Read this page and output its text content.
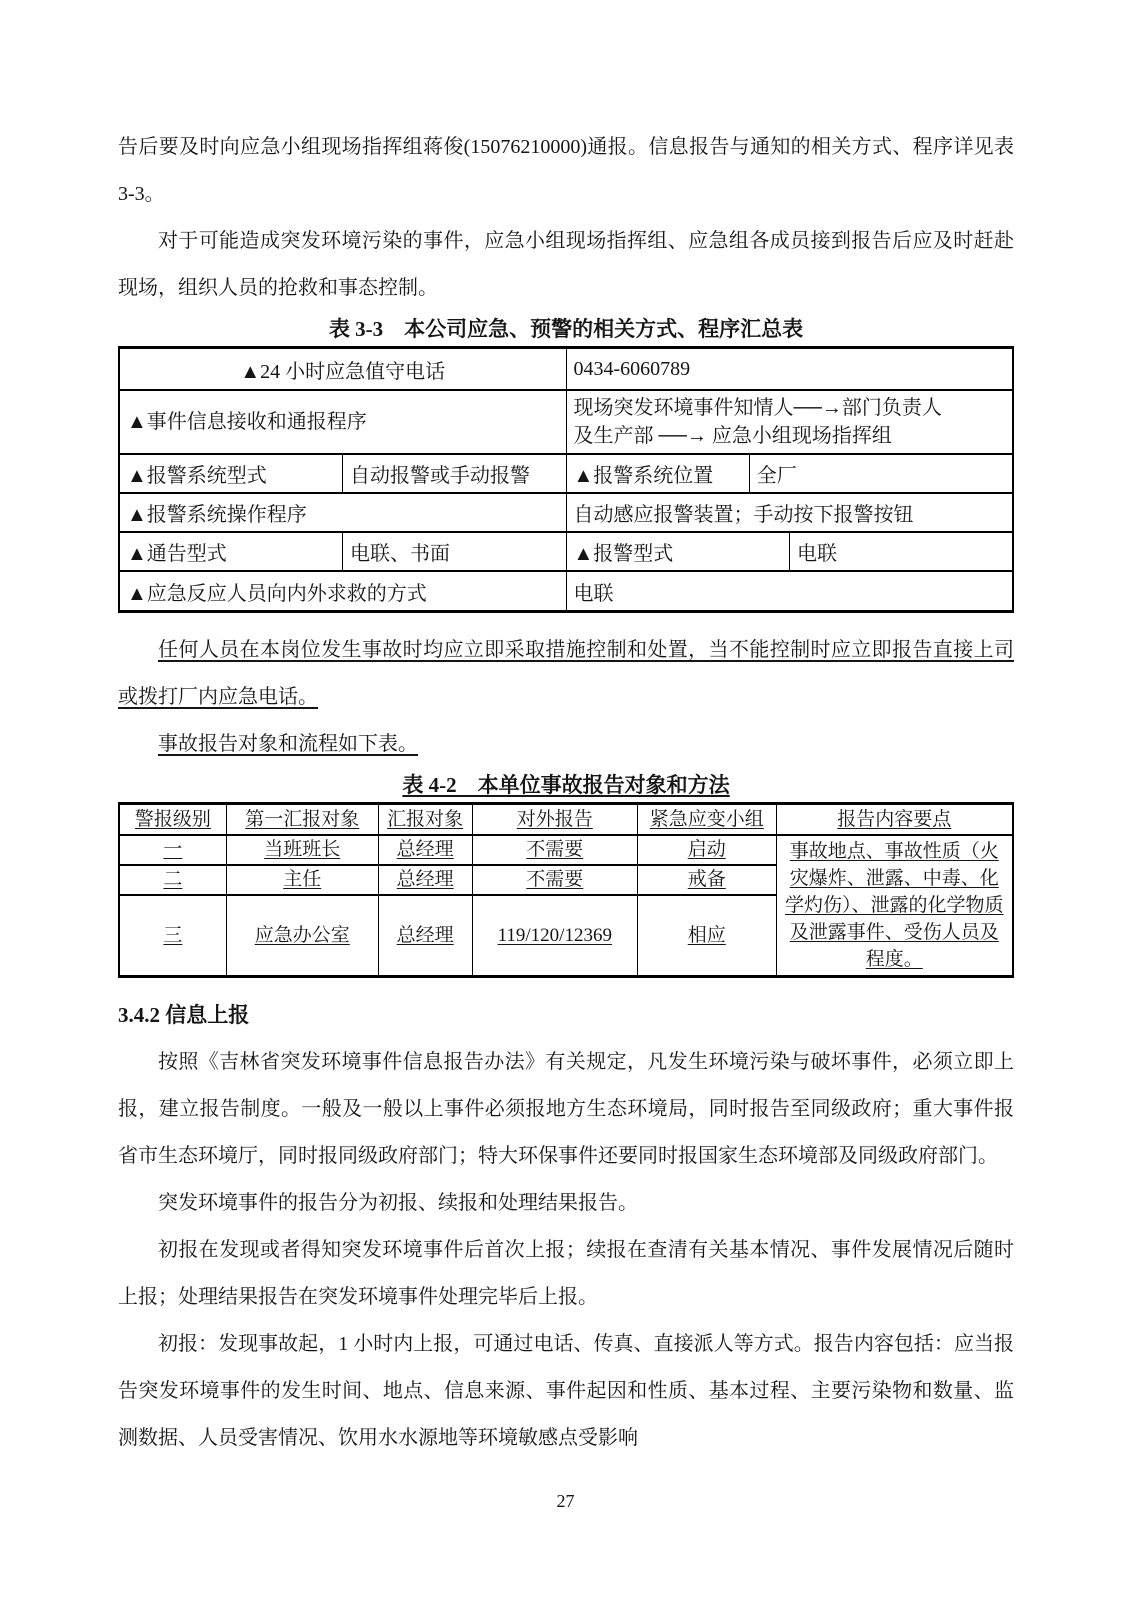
告后要及时向应急小组现场指挥组蒋俊(15076210000)通报。信息报告与通知的相关方式、程序详见表 3-3。

对于可能造成突发环境污染的事件，应急小组现场指挥组、应急组各成员接到报告后应及时赶赴现场，组织人员的抢救和事态控制。

表 3-3　本公司应急、预警的相关方式、程序汇总表
▲24 小时应急值守电话		0434-6060789		
▲事件信息接收和通报程序		现场突发环境事件知情人──→部门负责人
及生产部 ──→ 应急小组现场指挥组		

▲报警系统型式	自动报警或手动报警	▲报警系统位置	全厂	
▲报警系统操作程序		自动感应报警装置；手动按下报警按钮		
▲通告型式	电联、书面	▲报警型式		电联
▲应急反应人员向内外求救的方式		电联		

任何人员在本岗位发生事故时均应立即采取措施控制和处置，当不能控制时应立即报告直接上司或拨打厂内应急电话。

事故报告对象和流程如下表。

表 4-2　本单位事故报告对象和方法
警报级别	第一汇报对象	汇报对象	对外报告	紧急应变小组	报告内容要点
一	当班班长	总经理	不需要	启动	事故地点、事故性质（火灾爆炸、泄露、中毒、化学灼伤）、泄露的化学物质及泄露事件、受伤人员及程度。
二	主任	总经理	不需要	戒备	
三	应急办公室	总经理	119/120/12369	相应	
3.4.2 信息上报

按照《吉林省突发环境事件信息报告办法》有关规定，凡发生环境污染与破坏事件，必须立即上报，建立报告制度。一般及一般以上事件必须报地方生态环境局，同时报告至同级政府；重大事件报省市生态环境厅，同时报同级政府部门；特大环保事件还要同时报国家生态环境部及同级政府部门。

突发环境事件的报告分为初报、续报和处理结果报告。

初报在发现或者得知突发环境事件后首次上报；续报在查清有关基本情况、事件发展情况后随时上报；处理结果报告在突发环境事件处理完毕后上报。

初报：发现事故起，1 小时内上报，可通过电话、传真、直接派人等方式。报告内容包括：应当报告突发环境事件的发生时间、地点、信息来源、事件起因和性质、基本过程、主要污染物和数量、监测数据、人员受害情况、饮用水水源地等环境敏感点受影响

27
